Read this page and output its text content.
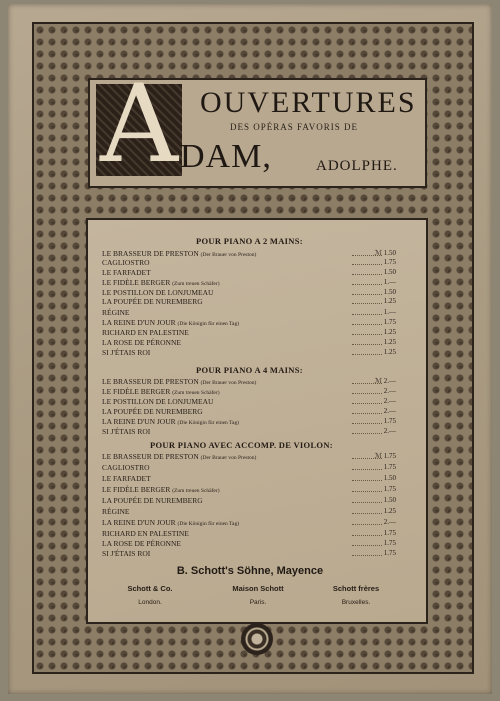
A OUVERTURES
DES OPÉRAS FAVORIS DE
DAM,	ADOLPHE.
POUR PIANO A 2 MAINS:
POUR PIANO A 4 MAINS:
POUR PIANO AVEC ACCOMP. DE VIOLON:
LE BRASSEUR DE PRESTON (Der Brauer von Preston)	ℳ 1.50
CAGLIOSTRO	1.75
LE FARFADET	1.50
LE FIDÈLE BERGER (Zum treuen Schäfer)	1.—
LE POSTILLON DE LONJUMEAU	1.50
LA POUPÉE DE NUREMBERG	1.25
RÉGINE	1.—
LA REINE D'UN JOUR (Die Königin für einen Tag)	1.75
RICHARD EN PALESTINE	1.25
LA ROSE DE PÉRONNE	1.25
SI J'ÉTAIS ROI	1.25
LE BRASSEUR DE PRESTON (Der Brauer von Preston)	ℳ 2.—
LE FIDÈLE BERGER (Zum treuen Schäfer)	2.—
LE POSTILLON DE LONJUMEAU	2.—
LA POUPÉE DE NUREMBERG	2.—
LA REINE D'UN JOUR (Die Königin für einen Tag)	1.75
SI J'ÉTAIS ROI	2.—
LE BRASSEUR DE PRESTON (Der Brauer von Preston)	ℳ 1.75
CAGLIOSTRO	1.75
LE FARFADET	1.50
LE FIDÈLE BERGER (Zum treuen Schäfer)	1.75
LA POUPÉE DE NUREMBERG	1.50
RÉGINE	1.25
LA REINE D'UN JOUR (Die Königin für einen Tag)	2.—
RICHARD EN PALESTINE	1.75
LA ROSE DE PÉRONNE	1.75
SI J'ÉTAIS ROI	1.75
B. Schott's Söhne, Mayence
Schott & Co.
London.
Maison Schott
Paris.
Schott frères
Bruxelles.
